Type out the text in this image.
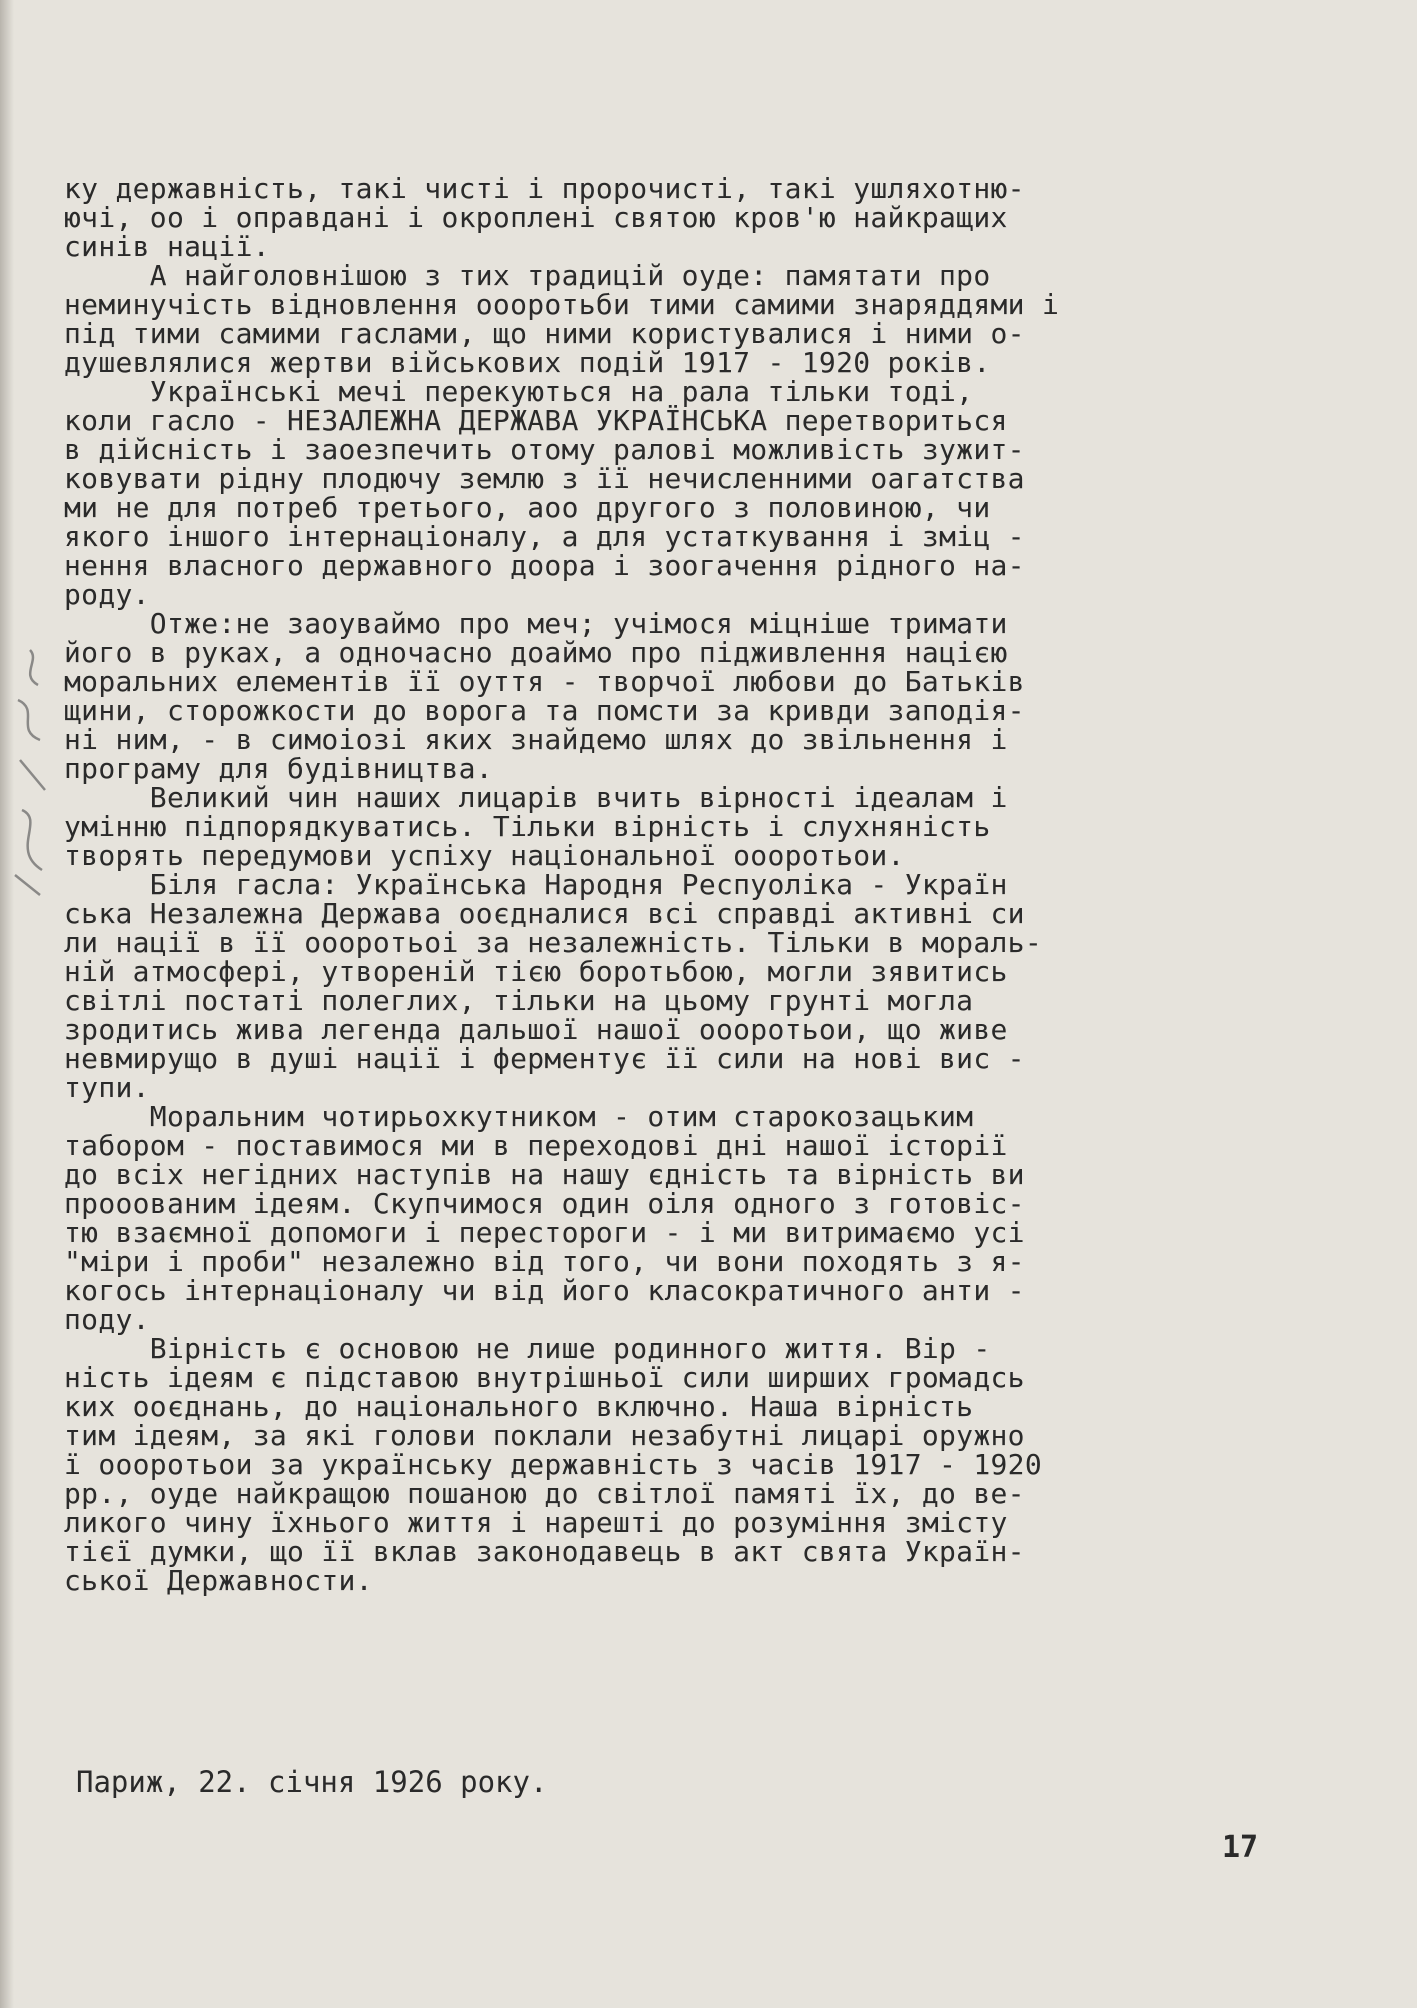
ку державність, такі чисті і пророчисті, такі ушляхотню-
ючі, оо і оправдані і окроплені святою кров'ю найкращих
синів нації.
А найголовнішою з тих традицій оуде: памятати про
неминучість відновлення оооротьби тими самими знаряддями і
під тими самими гаслами, що ними користувалися і ними о-
душевлялися жертви військових подій 1917 - 1920 років.
Українські мечі перекуються на рала тільки тоді,
коли гасло - НЕЗАЛЕЖНА ДЕРЖАВА УКРАЇНСЬКА перетвориться
в дійсність і заоезпечить отому ралові можливість зужит-
ковувати рідну плодючу землю з її нечисленними оагатства
ми не для потреб третього, аоо другого з половиною, чи
якого іншого інтернаціоналу, а для устаткування і зміц -
нення власного державного доора і зоогачення рідного на-
роду.
Отже:не заоуваймо про меч; учімося міцніше тримати
його в руках, а одночасно доаймо про підживлення нацією
моральних елементів її оуття - творчої любови до Батьків
щини, сторожкости до ворога та помсти за кривди заподія-
ні ним, - в симоіозі яких знайдемо шлях до звільнення і
програму для будівництва.
Великий чин наших лицарів вчить вірності ідеалам і
умінню підпорядкуватись. Тільки вірність і слухняність
творять передумови успіху національної оооротьои.
Біля гасла: Українська Народня Респуоліка - Україн
ська Незалежна Держава ооєдналися всі справді активні си
ли нації в її оооротьоі за незалежність. Тільки в мораль-
ній атмосфері, утвореній тією боротьбою, могли зявитись
світлі постаті полеглих, тільки на цьому грунті могла
зродитись жива легенда дальшої нашої оооротьои, що живе
невмирущо в душі нації і ферментує її сили на нові вис -
тупи.
Моральним чотирьохкутником - отим старокозацьким
табором - поставимося ми в переходові дні нашої історії
до всіх негідних наступів на нашу єдність та вірність ви
прооованим ідеям. Скупчимося один оіля одного з готовіс-
тю взаємної допомоги і перестороги - і ми витримаємо усі
"міри і проби" незалежно від того, чи вони походять з я-
когось інтернаціоналу чи від його класократичного анти -
поду.
Вірність є основою не лише родинного життя. Вір -
ність ідеям є підставою внутрішньої сили ширших громадсь
ких ооєднань, до національного включно. Наша вірність
тим ідеям, за які голови поклали незабутні лицарі оружно
ї оооротьои за українську державність з часів 1917 - 1920
рр., оуде найкращою пошаною до світлої памяті їх, до ве-
ликого чину їхнього життя і нарешті до розуміння змісту
тієї думки, що її вклав законодавець в акт свята Україн-
ської Державности.
Париж, 22. січня 1926 року.
17
